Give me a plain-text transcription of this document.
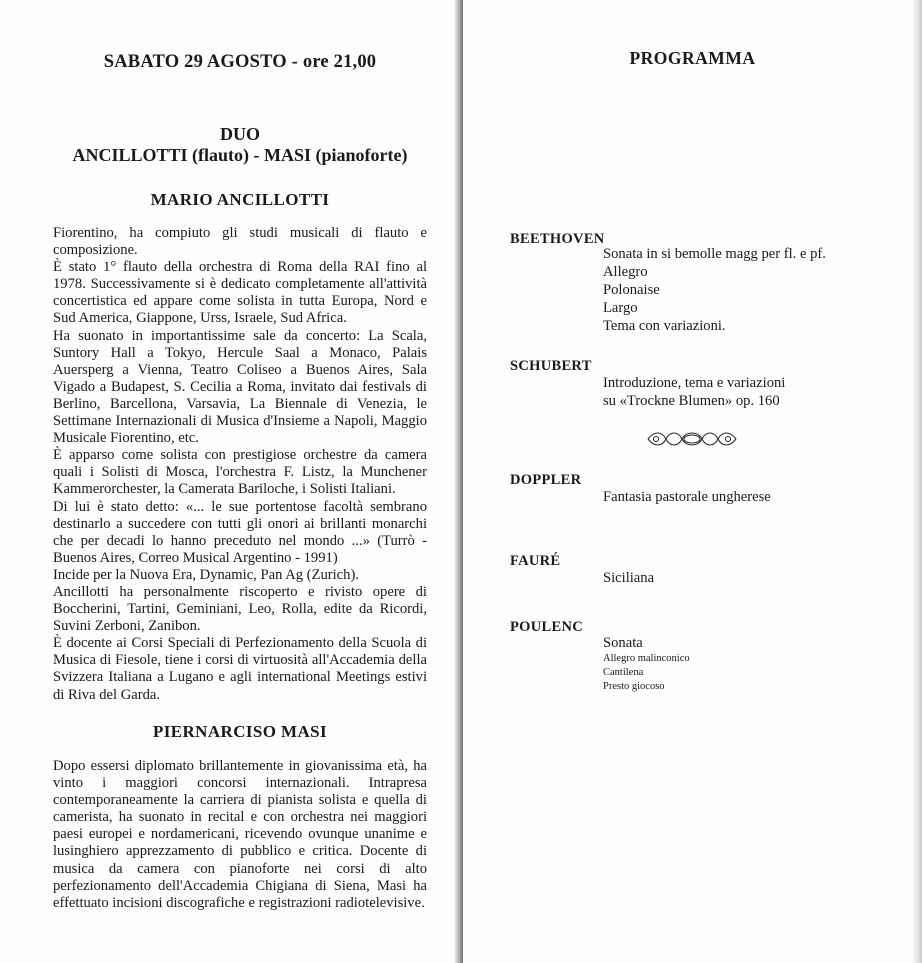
SABATO 29 AGOSTO - ore 21,00
DUO
ANCILLOTTI (flauto) - MASI (pianoforte)
MARIO ANCILLOTTI

Fiorentino, ha compiuto gli studi musicali di flauto e composizione.

È stato 1° flauto della orchestra di Roma della RAI fino al 1978. Successivamente si è dedicato completamente all'attività concertistica ed appare come solista in tutta Europa, Nord e Sud America, Giappone, Urss, Israele, Sud Africa.

Ha suonato in importantissime sale da concerto: La Scala, Suntory Hall a Tokyo, Hercule Saal a Monaco, Palais Auersperg a Vienna, Teatro Coliseo a Buenos Aires, Sala Vigado a Budapest, S. Cecilia a Roma, invitato dai festivals di Berlino, Barcellona, Varsavia, La Biennale di Venezia, le Settimane Internazionali di Musica d'Insieme a Napoli, Maggio Musicale Fiorentino, etc.

È apparso come solista con prestigiose orchestre da camera quali i Solisti di Mosca, l'orchestra F. Listz, la Munchener Kammerorchester, la Camerata Bariloche, i Solisti Italiani.

Di lui è stato detto: «... le sue portentose facoltà sembrano destinarlo a succedere con tutti gli onori ai brillanti monarchi che per decadi lo hanno preceduto nel mondo ...» (Turrò - Buenos Aires, Correo Musical Argentino - 1991)

Incide per la Nuova Era, Dynamic, Pan Ag (Zurich).

Ancillotti ha personalmente riscoperto e rivisto opere di Boccherini, Tartini, Geminiani, Leo, Rolla, edite da Ricordi, Suvini Zerboni, Zanibon.

È docente ai Corsi Speciali di Perfezionamento della Scuola di Musica di Fiesole, tiene i corsi di virtuosità all'Accademia della Svizzera Italiana a Lugano e agli international Meetings estivi di Riva del Garda.

PIERNARCISO MASI

Dopo essersi diplomato brillantemente in giovanissima età, ha vinto i maggiori concorsi internazionali. Intrapresa contemporaneamente la carriera di pianista solista e quella di camerista, ha suonato in recital e con orchestra nei maggiori paesi europei e nordamericani, ricevendo ovunque unanime e lusinghiero apprezzamento di pubblico e critica. Docente di musica da camera con pianoforte nei corsi di alto perfezionamento dell'Accademia Chigiana di Siena, Masi ha effettuato incisioni discografiche e registrazioni radiotelevisive.

PROGRAMMA
BEETHOVEN
Sonata in si bemolle magg per fl. e pf.
Allegro
Polonaise
Largo
Tema con variazioni.
SCHUBERT
Introduzione, tema e variazioni
su «Trockne Blumen» op. 160
DOPPLER
Fantasia pastorale ungherese
FAURÉ
Siciliana
POULENC
Sonata
Allegro malinconico
Cantilena
Presto giocoso
